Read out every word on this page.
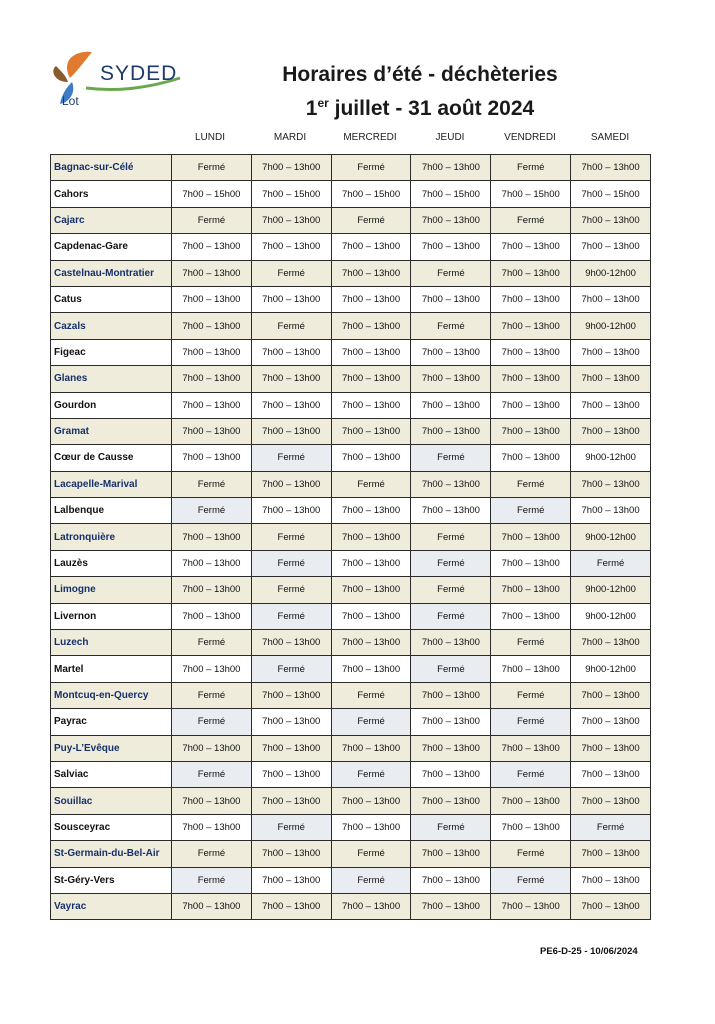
SYDED
Lot
Horaires d’été - déchèteries
1er juillet - 31 août 2024
LUNDI	MARDI	MERCREDI	JEUDI	VENDREDI	SAMEDI
Bagnac-sur-Célé	Fermé	7h00 – 13h00	Fermé	7h00 – 13h00	Fermé	7h00 – 13h00
Cahors	7h00 – 15h00	7h00 – 15h00	7h00 – 15h00	7h00 – 15h00	7h00 – 15h00	7h00 – 15h00
Cajarc	Fermé	7h00 – 13h00	Fermé	7h00 – 13h00	Fermé	7h00 – 13h00
Capdenac-Gare	7h00 – 13h00	7h00 – 13h00	7h00 – 13h00	7h00 – 13h00	7h00 – 13h00	7h00 – 13h00
Castelnau-Montratier	7h00 – 13h00	Fermé	7h00 – 13h00	Fermé	7h00 – 13h00	9h00-12h00
Catus	7h00 – 13h00	7h00 – 13h00	7h00 – 13h00	7h00 – 13h00	7h00 – 13h00	7h00 – 13h00
Cazals	7h00 – 13h00	Fermé	7h00 – 13h00	Fermé	7h00 – 13h00	9h00-12h00
Figeac	7h00 – 13h00	7h00 – 13h00	7h00 – 13h00	7h00 – 13h00	7h00 – 13h00	7h00 – 13h00
Glanes	7h00 – 13h00	7h00 – 13h00	7h00 – 13h00	7h00 – 13h00	7h00 – 13h00	7h00 – 13h00
Gourdon	7h00 – 13h00	7h00 – 13h00	7h00 – 13h00	7h00 – 13h00	7h00 – 13h00	7h00 – 13h00
Gramat	7h00 – 13h00	7h00 – 13h00	7h00 – 13h00	7h00 – 13h00	7h00 – 13h00	7h00 – 13h00
Cœur de Causse	7h00 – 13h00	Fermé	7h00 – 13h00	Fermé	7h00 – 13h00	9h00-12h00
Lacapelle-Marival	Fermé	7h00 – 13h00	Fermé	7h00 – 13h00	Fermé	7h00 – 13h00
Lalbenque	Fermé	7h00 – 13h00	7h00 – 13h00	7h00 – 13h00	Fermé	7h00 – 13h00
Latronquière	7h00 – 13h00	Fermé	7h00 – 13h00	Fermé	7h00 – 13h00	9h00-12h00
Lauzès	7h00 – 13h00	Fermé	7h00 – 13h00	Fermé	7h00 – 13h00	Fermé
Limogne	7h00 – 13h00	Fermé	7h00 – 13h00	Fermé	7h00 – 13h00	9h00-12h00
Livernon	7h00 – 13h00	Fermé	7h00 – 13h00	Fermé	7h00 – 13h00	9h00-12h00
Luzech	Fermé	7h00 – 13h00	7h00 – 13h00	7h00 – 13h00	Fermé	7h00 – 13h00
Martel	7h00 – 13h00	Fermé	7h00 – 13h00	Fermé	7h00 – 13h00	9h00-12h00
Montcuq-en-Quercy	Fermé	7h00 – 13h00	Fermé	7h00 – 13h00	Fermé	7h00 – 13h00
Payrac	Fermé	7h00 – 13h00	Fermé	7h00 – 13h00	Fermé	7h00 – 13h00
Puy-L’Evêque	7h00 – 13h00	7h00 – 13h00	7h00 – 13h00	7h00 – 13h00	7h00 – 13h00	7h00 – 13h00
Salviac	Fermé	7h00 – 13h00	Fermé	7h00 – 13h00	Fermé	7h00 – 13h00
Souillac	7h00 – 13h00	7h00 – 13h00	7h00 – 13h00	7h00 – 13h00	7h00 – 13h00	7h00 – 13h00
Sousceyrac	7h00 – 13h00	Fermé	7h00 – 13h00	Fermé	7h00 – 13h00	Fermé
St-Germain-du-Bel-Air	Fermé	7h00 – 13h00	Fermé	7h00 – 13h00	Fermé	7h00 – 13h00
St-Géry-Vers	Fermé	7h00 – 13h00	Fermé	7h00 – 13h00	Fermé	7h00 – 13h00
Vayrac	7h00 – 13h00	7h00 – 13h00	7h00 – 13h00	7h00 – 13h00	7h00 – 13h00	7h00 – 13h00
PE6-D-25 - 10/06/2024
